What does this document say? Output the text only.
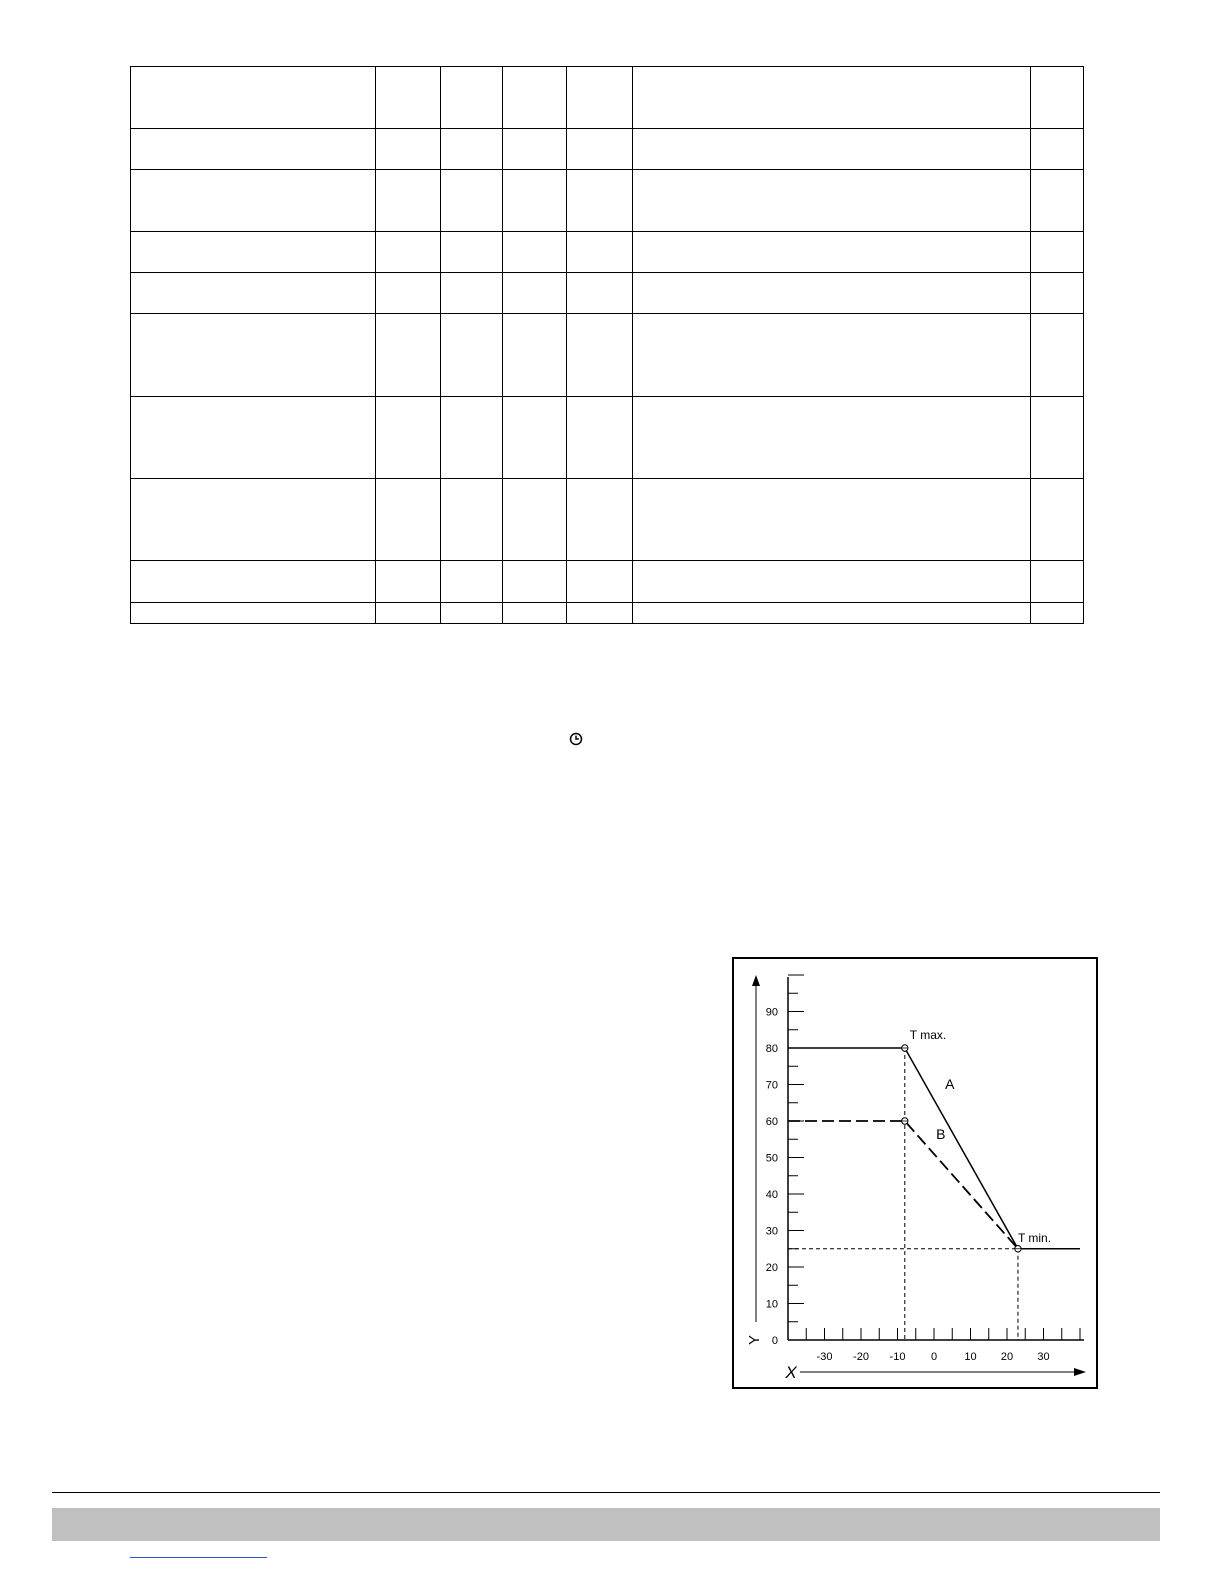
0
10
20
30
40
50
60
70
80
90
-30 -20 -10 0 10 20 30
A
B
T max.
T min.
Y
X
